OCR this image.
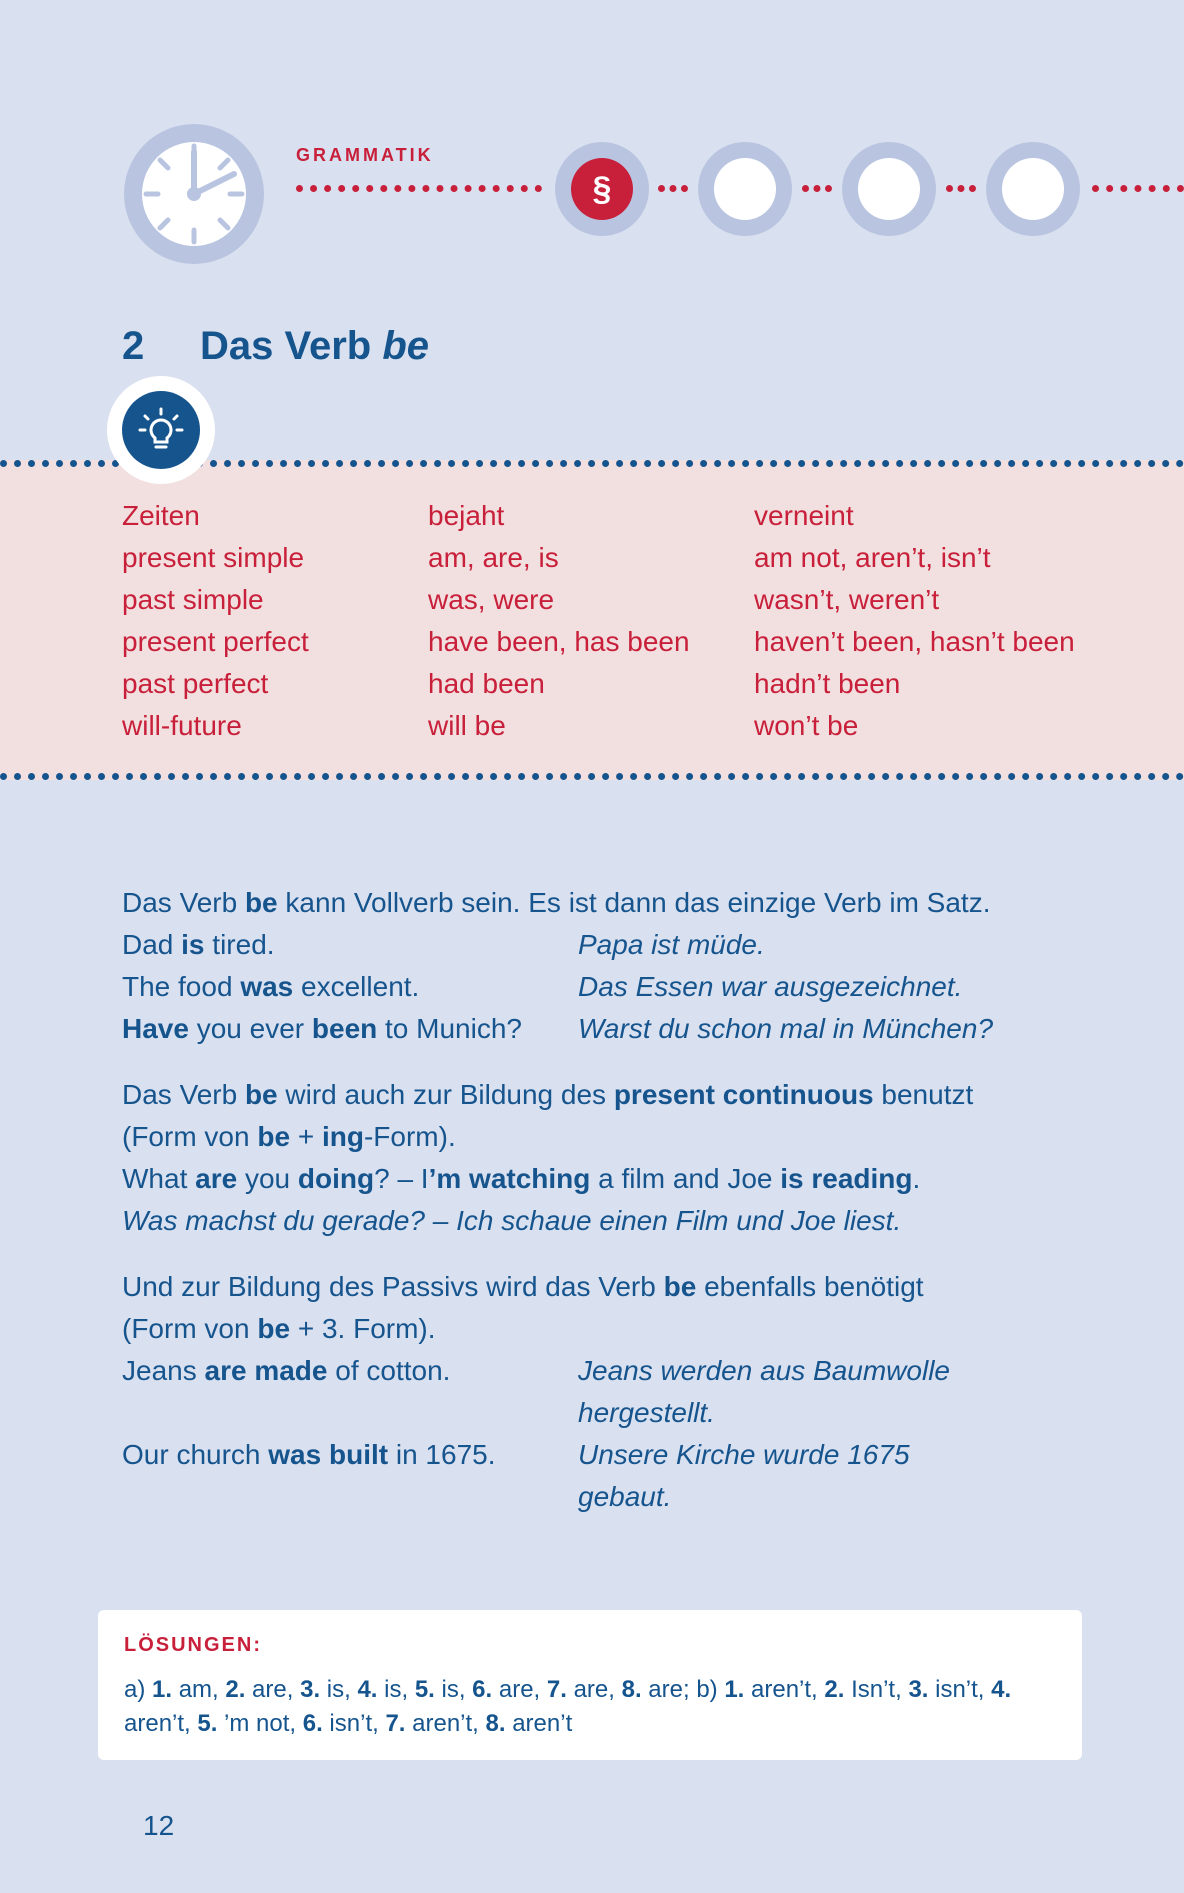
GRAMMATIK

§

2 Das Verb be

Zeiten	bejaht	verneint
present simple	am, are, is	am not, aren’t, isn’t
past simple	was, were	wasn’t, weren’t
present perfect	have been, has been	haven’t been, hasn’t been
past perfect	had been	hadn’t been
will-future	will be	won’t be

Das Verb be kann Vollverb sein. Es ist dann das einzige Verb im Satz.

Dad is tired.	Papa ist müde.
The food was excellent.	Das Essen war ausgezeichnet.
Have you ever been to Munich? Warst du schon mal in München?

Das Verb be wird auch zur Bildung des present continuous benutzt

(Form von be + ing-Form).

What are you doing? – I’m watching a film and Joe is reading.

Was machst du gerade? – Ich schaue einen Film und Joe liest.

Und zur Bildung des Passivs wird das Verb be ebenfalls benötigt

(Form von be + 3. Form).

Jeans are made of cotton.	Jeans werden aus Baumwolle
hergestellt.
Our church was built in 1675.	Unsere Kirche wurde 1675
gebaut.

LÖSUNGEN:

a) 1. am, 2. are, 3. is, 4. is, 5. is, 6. are, 7. are, 8. are; b) 1. aren’t, 2. Isn’t, 3. isn’t, 4.
aren’t, 5. ’m not, 6. isn’t, 7. aren’t, 8. aren’t

12
